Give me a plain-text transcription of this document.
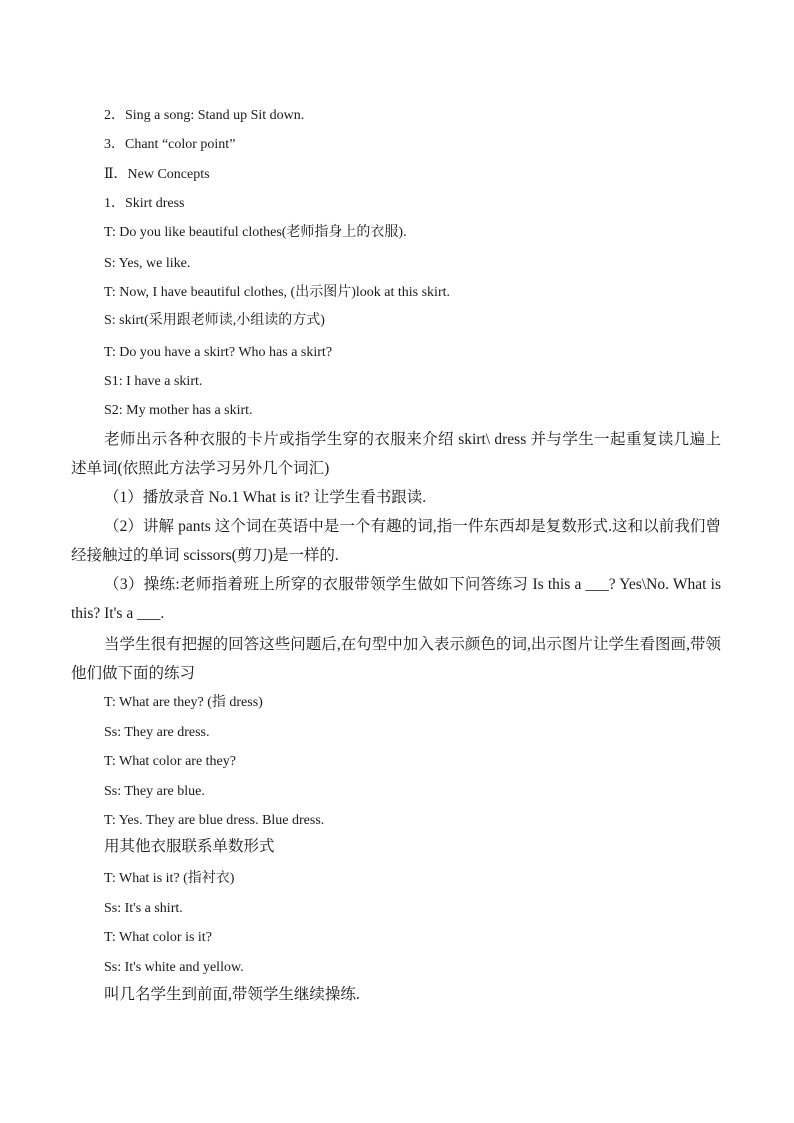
2．Sing a song: Stand up Sit down.

3．Chant “color point”

Ⅱ．New Concepts

1．Skirt dress

T: Do you like beautiful clothes(老师指身上的衣服).

S: Yes, we like.

T: Now, I have beautiful clothes, (出示图片)look at this skirt.

S: skirt(采用跟老师读,小组读的方式)

T: Do you have a skirt? Who has a skirt?

S1: I have a skirt.

S2: My mother has a skirt.

老师出示各种衣服的卡片或指学生穿的衣服来介绍 skirt\ dress 并与学生一起重复读几遍上述单词(依照此方法学习另外几个词汇)

（1）播放录音 No.1 What is it? 让学生看书跟读.

（2）讲解 pants 这个词在英语中是一个有趣的词,指一件东西却是复数形式.这和以前我们曾经接触过的单词 scissors(剪刀)是一样的.

（3）操练:老师指着班上所穿的衣服带领学生做如下问答练习 Is this a ___? Yes\No. What is this? It's a ___.

当学生很有把握的回答这些问题后,在句型中加入表示颜色的词,出示图片让学生看图画,带领他们做下面的练习

T: What are they? (指 dress)

Ss: They are dress.

T: What color are they?

Ss: They are blue.

T: Yes. They are blue dress. Blue dress.

用其他衣服联系单数形式

T: What is it? (指衬衣)

Ss: It's a shirt.

T: What color is it?

Ss: It's white and yellow.

叫几名学生到前面,带领学生继续操练.
